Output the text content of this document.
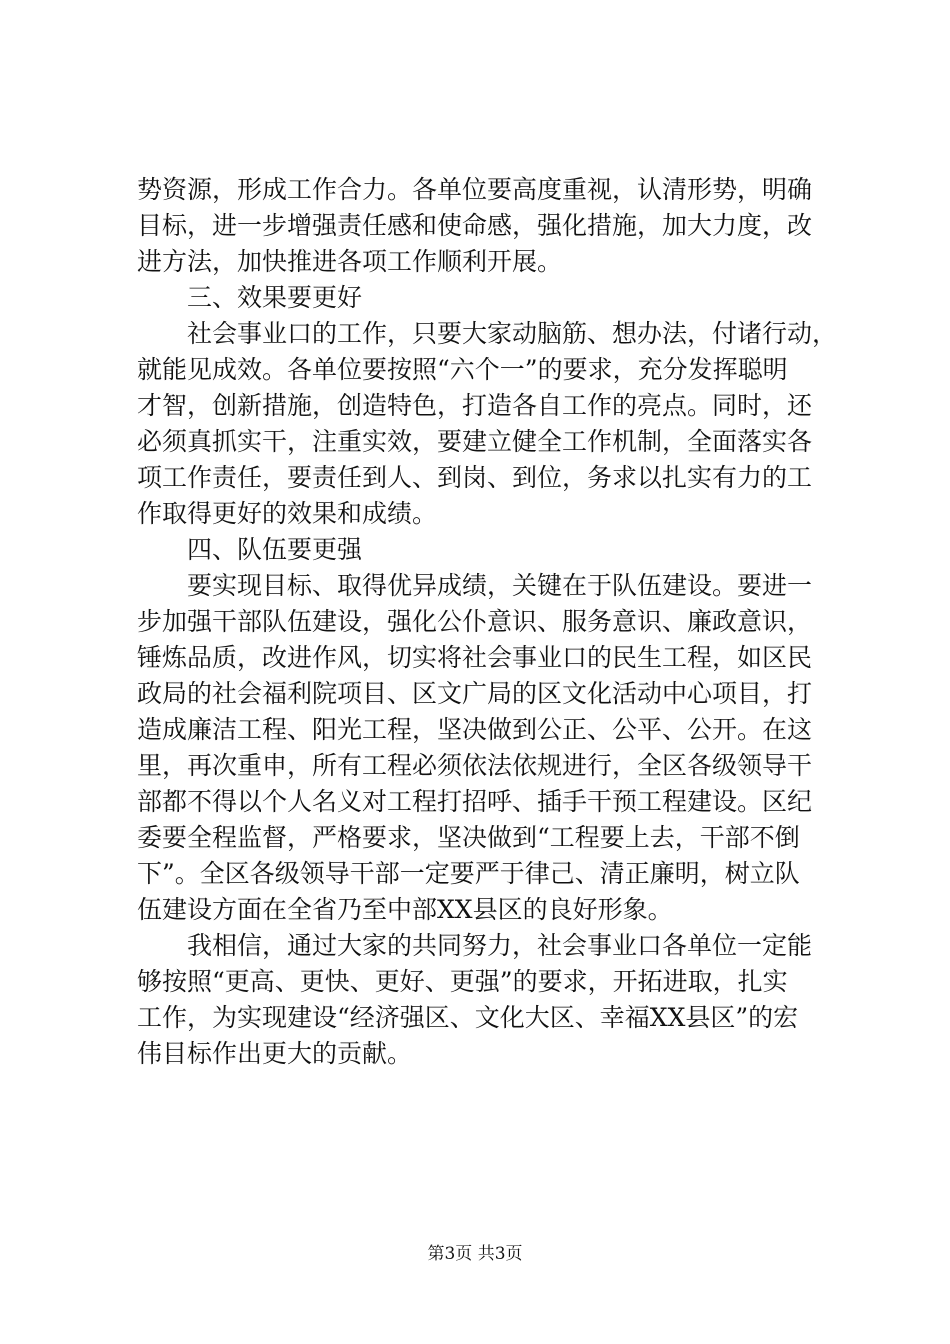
势资源，形成工作合力。各单位要高度重视，认清形势，明确
目标，进一步增强责任感和使命感，强化措施，加大力度，改
进方法，加快推进各项工作顺利开展。
三、效果要更好
社会事业口的工作，只要大家动脑筋、想办法，付诸行动，
就能见成效。各单位要按照“六个一”的要求，充分发挥聪明
才智，创新措施，创造特色，打造各自工作的亮点。同时，还
必须真抓实干，注重实效，要建立健全工作机制，全面落实各
项工作责任，要责任到人、到岗、到位，务求以扎实有力的工
作取得更好的效果和成绩。
四、队伍要更强
要实现目标、取得优异成绩，关键在于队伍建设。要进一
步加强干部队伍建设，强化公仆意识、服务意识、廉政意识，
锤炼品质，改进作风，切实将社会事业口的民生工程，如区民
政局的社会福利院项目、区文广局的区文化活动中心项目，打
造成廉洁工程、阳光工程，坚决做到公正、公平、公开。在这
里，再次重申，所有工程必须依法依规进行，全区各级领导干
部都不得以个人名义对工程打招呼、插手干预工程建设。区纪
委要全程监督，严格要求，坚决做到“工程要上去，干部不倒
下”。全区各级领导干部一定要严于律己、清正廉明，树立队
伍建设方面在全省乃至中部XX县区的良好形象。
我相信，通过大家的共同努力，社会事业口各单位一定能
够按照“更高、更快、更好、更强”的要求，开拓进取，扎实
工作，为实现建设“经济强区、文化大区、幸福XX县区”的宏
伟目标作出更大的贡献。
第3页 共3页
